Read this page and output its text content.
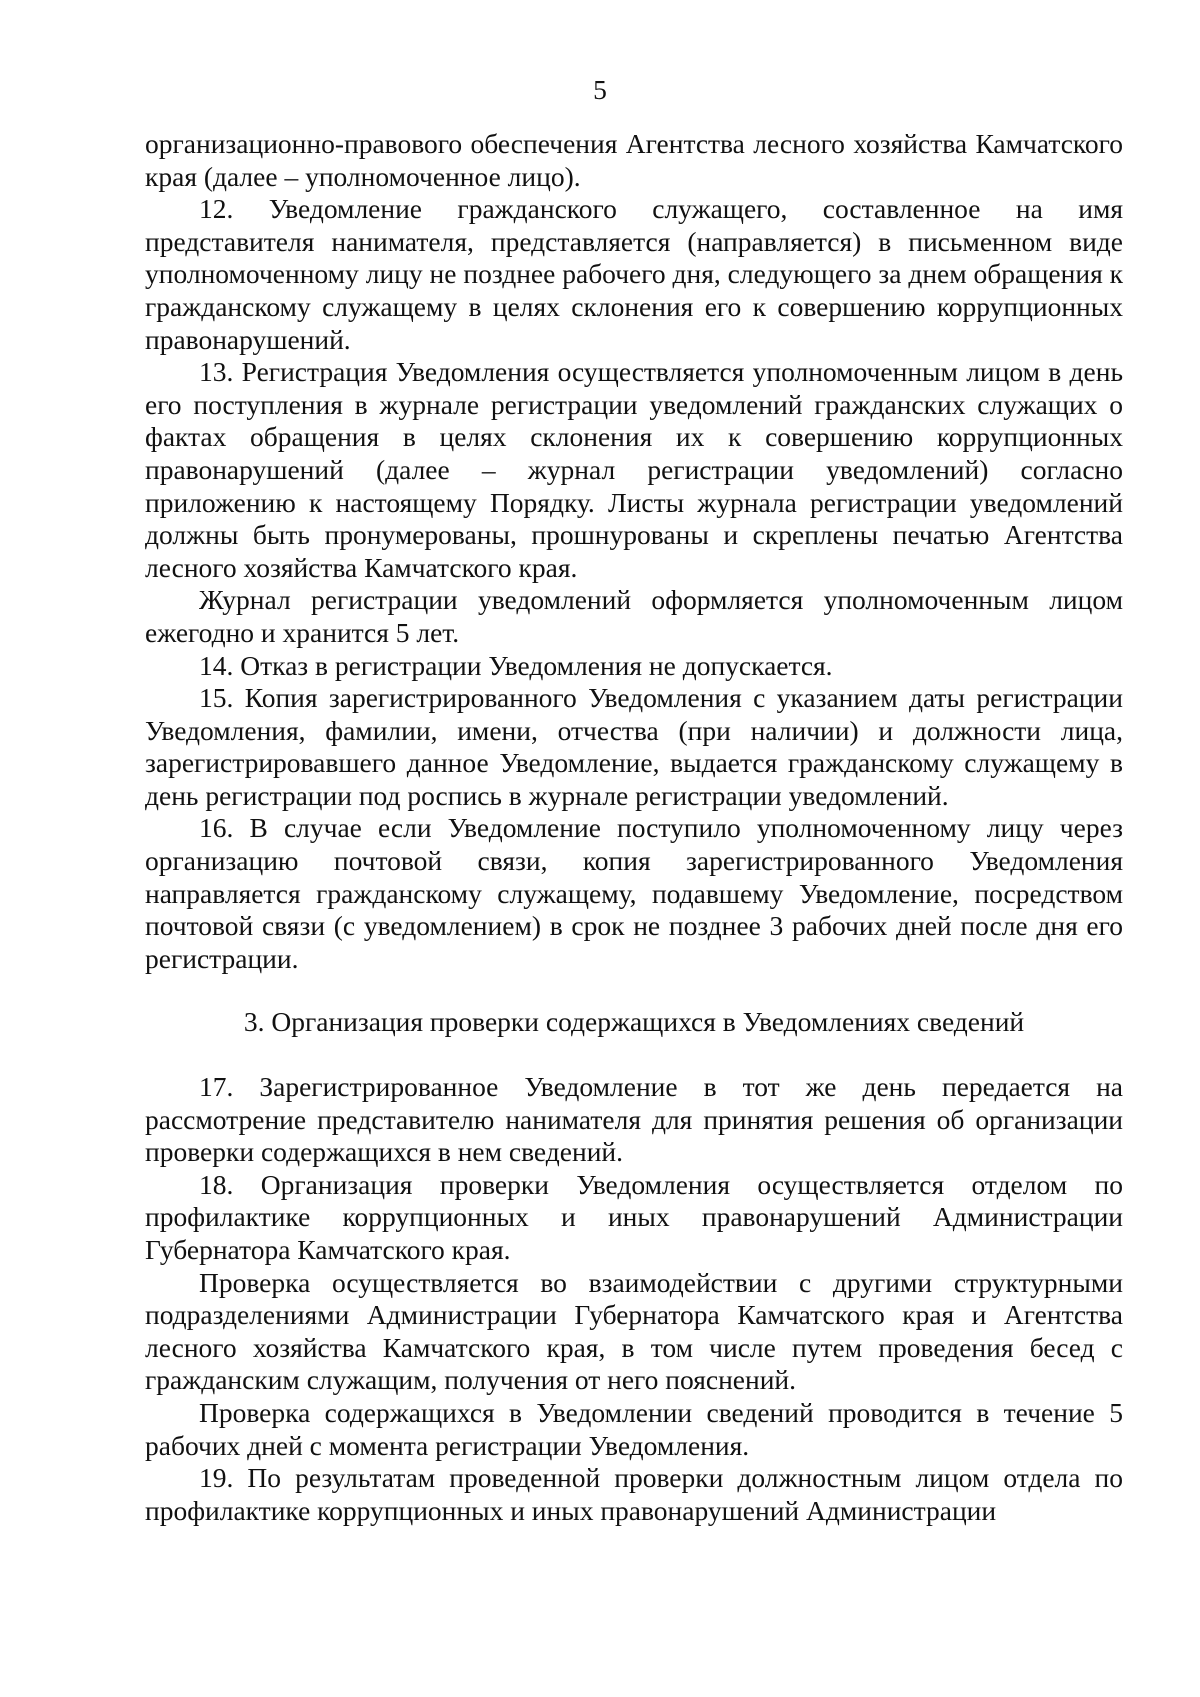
5

организационно-правового обеспечения Агентства лесного хозяйства Камчатского края (далее – уполномоченное лицо).

12. Уведомление гражданского служащего, составленное на имя представителя нанимателя, представляется (направляется) в письменном виде уполномоченному лицу не позднее рабочего дня, следующего за днем обращения к гражданскому служащему в целях склонения его к совершению коррупционных правонарушений.

13. Регистрация Уведомления осуществляется уполномоченным лицом в день его поступления в журнале регистрации уведомлений гражданских служащих о фактах обращения в целях склонения их к совершению коррупционных правонарушений (далее – журнал регистрации уведомлений) согласно приложению к настоящему Порядку. Листы журнала регистрации уведомлений должны быть пронумерованы, прошнурованы и скреплены печатью Агентства лесного хозяйства Камчатского края.

Журнал регистрации уведомлений оформляется уполномоченным лицом ежегодно и хранится 5 лет.

14. Отказ в регистрации Уведомления не допускается.

15. Копия зарегистрированного Уведомления с указанием даты регистрации Уведомления, фамилии, имени, отчества (при наличии) и должности лица, зарегистрировавшего данное Уведомление, выдается гражданскому служащему в день регистрации под роспись в журнале регистрации уведомлений.

16. В случае если Уведомление поступило уполномоченному лицу через организацию почтовой связи, копия зарегистрированного Уведомления направляется гражданскому служащему, подавшему Уведомление, посредством почтовой связи (с уведомлением) в срок не позднее 3 рабочих дней после дня его регистрации.

3. Организация проверки содержащихся в Уведомлениях сведений

17. Зарегистрированное Уведомление в тот же день передается на рассмотрение представителю нанимателя для принятия решения об организации проверки содержащихся в нем сведений.

18. Организация проверки Уведомления осуществляется отделом по профилактике коррупционных и иных правонарушений Администрации Губернатора Камчатского края.

Проверка осуществляется во взаимодействии с другими структурными подразделениями Администрации Губернатора Камчатского края и Агентства лесного хозяйства Камчатского края, в том числе путем проведения бесед с гражданским служащим, получения от него пояснений.

Проверка содержащихся в Уведомлении сведений проводится в течение 5 рабочих дней с момента регистрации Уведомления.

19. По результатам проведенной проверки должностным лицом отдела по профилактике коррупционных и иных правонарушений Администрации
